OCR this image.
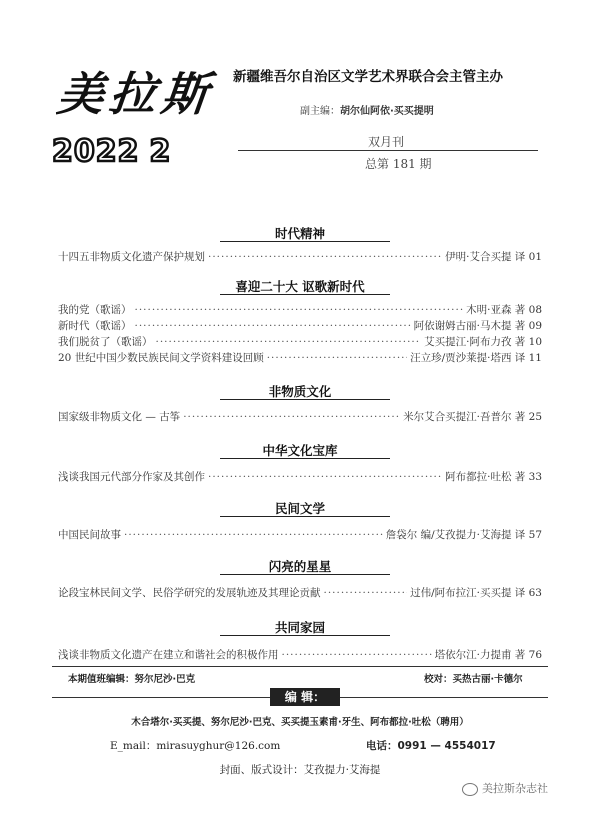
美拉斯 新疆维吾尔自治区文学艺术界联合会主管主办
副主编：胡尔仙阿依·买买提明
2022 2	双月刊
总第 181 期
时代精神
十四五非物质文化遗产保护规划 ·····	伊明·艾合买提 译 01
喜迎二十大 讴歌新时代
我的党（歌谣） ·····	木明·亚森 著 08
新时代（歌谣） ·····	阿依谢姆古丽·马木提 著 09
我们脱贫了（歌谣） ·····	艾买提江·阿布力孜 著 10
20 世纪中国少数民族民间文学资料建设回顾 ·····	汪立珍/贾沙莱提·塔西 译 11
非物质文化
国家级非物质文化 — 古筝 ·····	米尔艾合买提江·吾普尔 著 25
中华文化宝库
浅谈我国元代部分作家及其创作 ·····	阿布都拉·吐松 著 33
民间文学
中国民间故事 ·····	詹袋尔 编/艾孜提力·艾海提 译 57
闪亮的星星
论段宝林民间文学、民俗学研究的发展轨迹及其理论贡献 ·····	过伟/阿布拉江·买买提 译 63
共同家园
浅谈非物质文化遗产在建立和谐社会的积极作用 ·····	塔依尔江·力提甫 著 76
本期值班编辑：努尔尼沙·巴克	校对：买热古丽·卡德尔
编 辑：
木合塔尔·买买提、努尔尼沙·巴克、买买提玉素甫·牙生、阿布都拉·吐松（聘用）
E_mail：mirasuyghur@126.com	电话：0991 — 4554017
封面、版式设计：艾孜提力·艾海提
美拉斯杂志社
